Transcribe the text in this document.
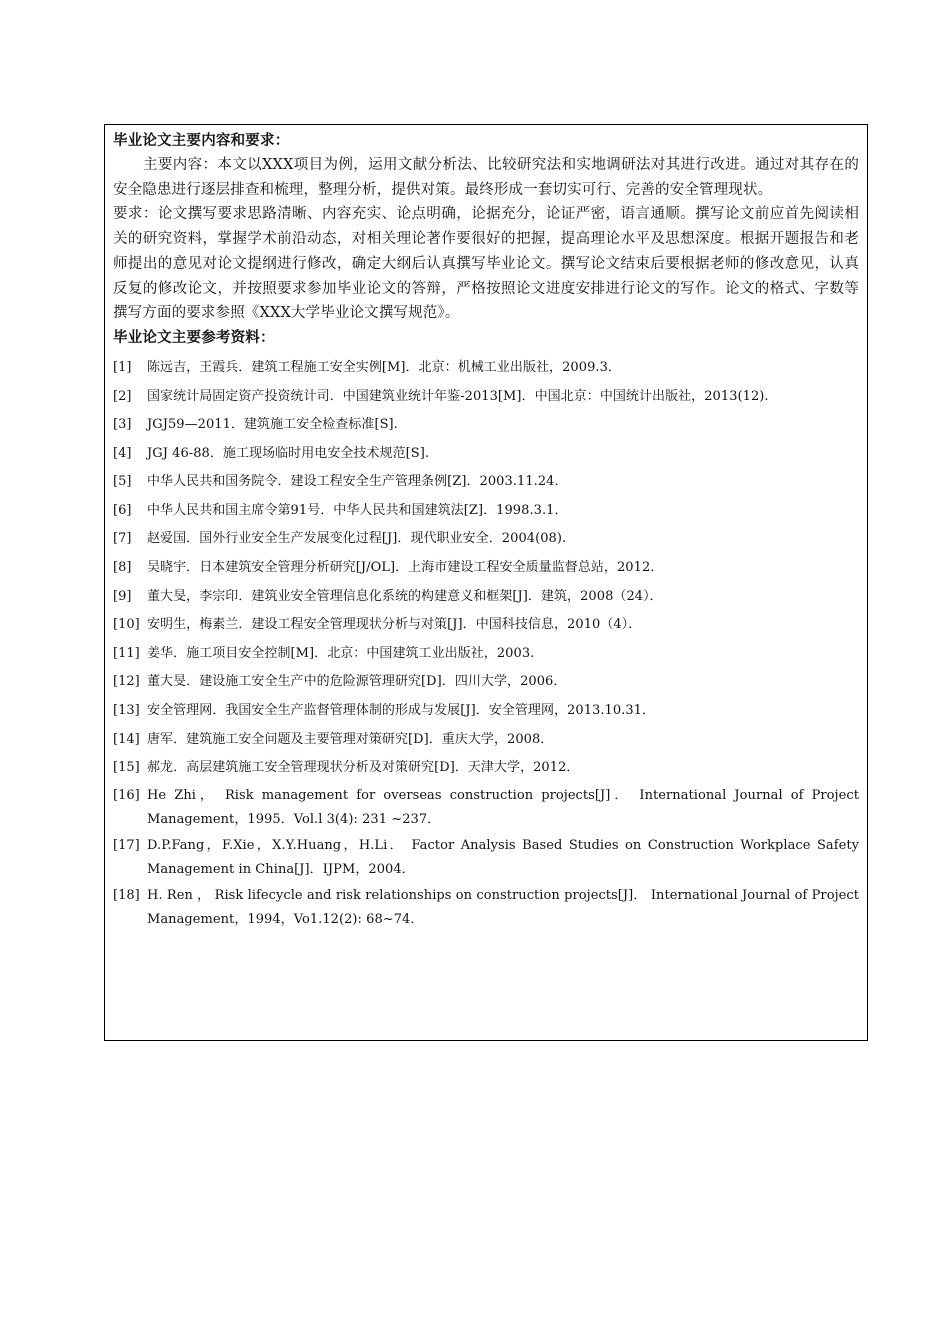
毕业论文主要内容和要求：

主要内容：本文以XXX项目为例，运用文献分析法、比较研究法和实地调研法对其进行改进。通过对其存在的安全隐患进行逐层排查和梳理，整理分析，提供对策。最终形成一套切实可行、完善的安全管理现状。

要求：论文撰写要求思路清晰、内容充实、论点明确，论据充分，论证严密，语言通顺。撰写论文前应首先阅读相关的研究资料，掌握学术前沿动态，对相关理论著作要很好的把握，提高理论水平及思想深度。根据开题报告和老师提出的意见对论文提纲进行修改，确定大纲后认真撰写毕业论文。撰写论文结束后要根据老师的修改意见，认真反复的修改论文，并按照要求参加毕业论文的答辩，严格按照论文进度安排进行论文的写作。论文的格式、字数等撰写方面的要求参照《XXX大学毕业论文撰写规范》。

毕业论文主要参考资料：

[1]	陈远吉，王霞兵．建筑工程施工安全实例[M]．北京：机械工业出版社，2009.3．
[2]	国家统计局固定资产投资统计司．中国建筑业统计年鉴-2013[M]．中国北京：中国统计出版社，2013(12).
[3]	JGJ59—2011．建筑施工安全检查标准[S].
[4]	JGJ 46-88．施工现场临时用电安全技术规范[S].
[5]	中华人民共和国务院令．建设工程安全生产管理条例[Z]．2003.11.24．
[6]	中华人民共和国主席令第91号．中华人民共和国建筑法[Z]．1998.3.1．
[7]	赵爱国．国外行业安全生产发展变化过程[J]．现代职业安全．2004(08).
[8]	吴晓宇．日本建筑安全管理分析研究[J/OL]．上海市建设工程安全质量监督总站，2012．
[9]	董大旻，李宗印．建筑业安全管理信息化系统的构建意义和框架[J]．建筑，2008（24）．
[10] 安明生，梅素兰．建设工程安全管理现状分析与对策[J]．中国科技信息，2010（4）．
[11] 姜华．施工项目安全控制[M]．北京：中国建筑工业出版社，2003.
[12] 董大旻．建设施工安全生产中的危险源管理研究[D]．四川大学，2006．
[13] 安全管理网．我国安全生产监督管理体制的形成与发展[J]．安全管理网，2013.10.31．
[14] 唐军．建筑施工安全问题及主要管理对策研究[D]．重庆大学，2008．
[15] 郝龙．高层建筑施工安全管理现状分析及对策研究[D]．天津大学，2012．
[16] He Zhi， Risk management for overseas construction projects[J]． International Journal of Project Management，1995．Vol.l 3(4): 231 ~237．
[17] D.P.Fang，F.Xie，X.Y.Huang，H.Li． Factor Analysis Based Studies on Construction Workplace Safety Management in China[J]．IJPM，2004．
[18] H. Ren ， Risk lifecycle and risk relationships on construction projects[J]． International Journal of Project Management，1994，Vo1.12(2): 68~74．
